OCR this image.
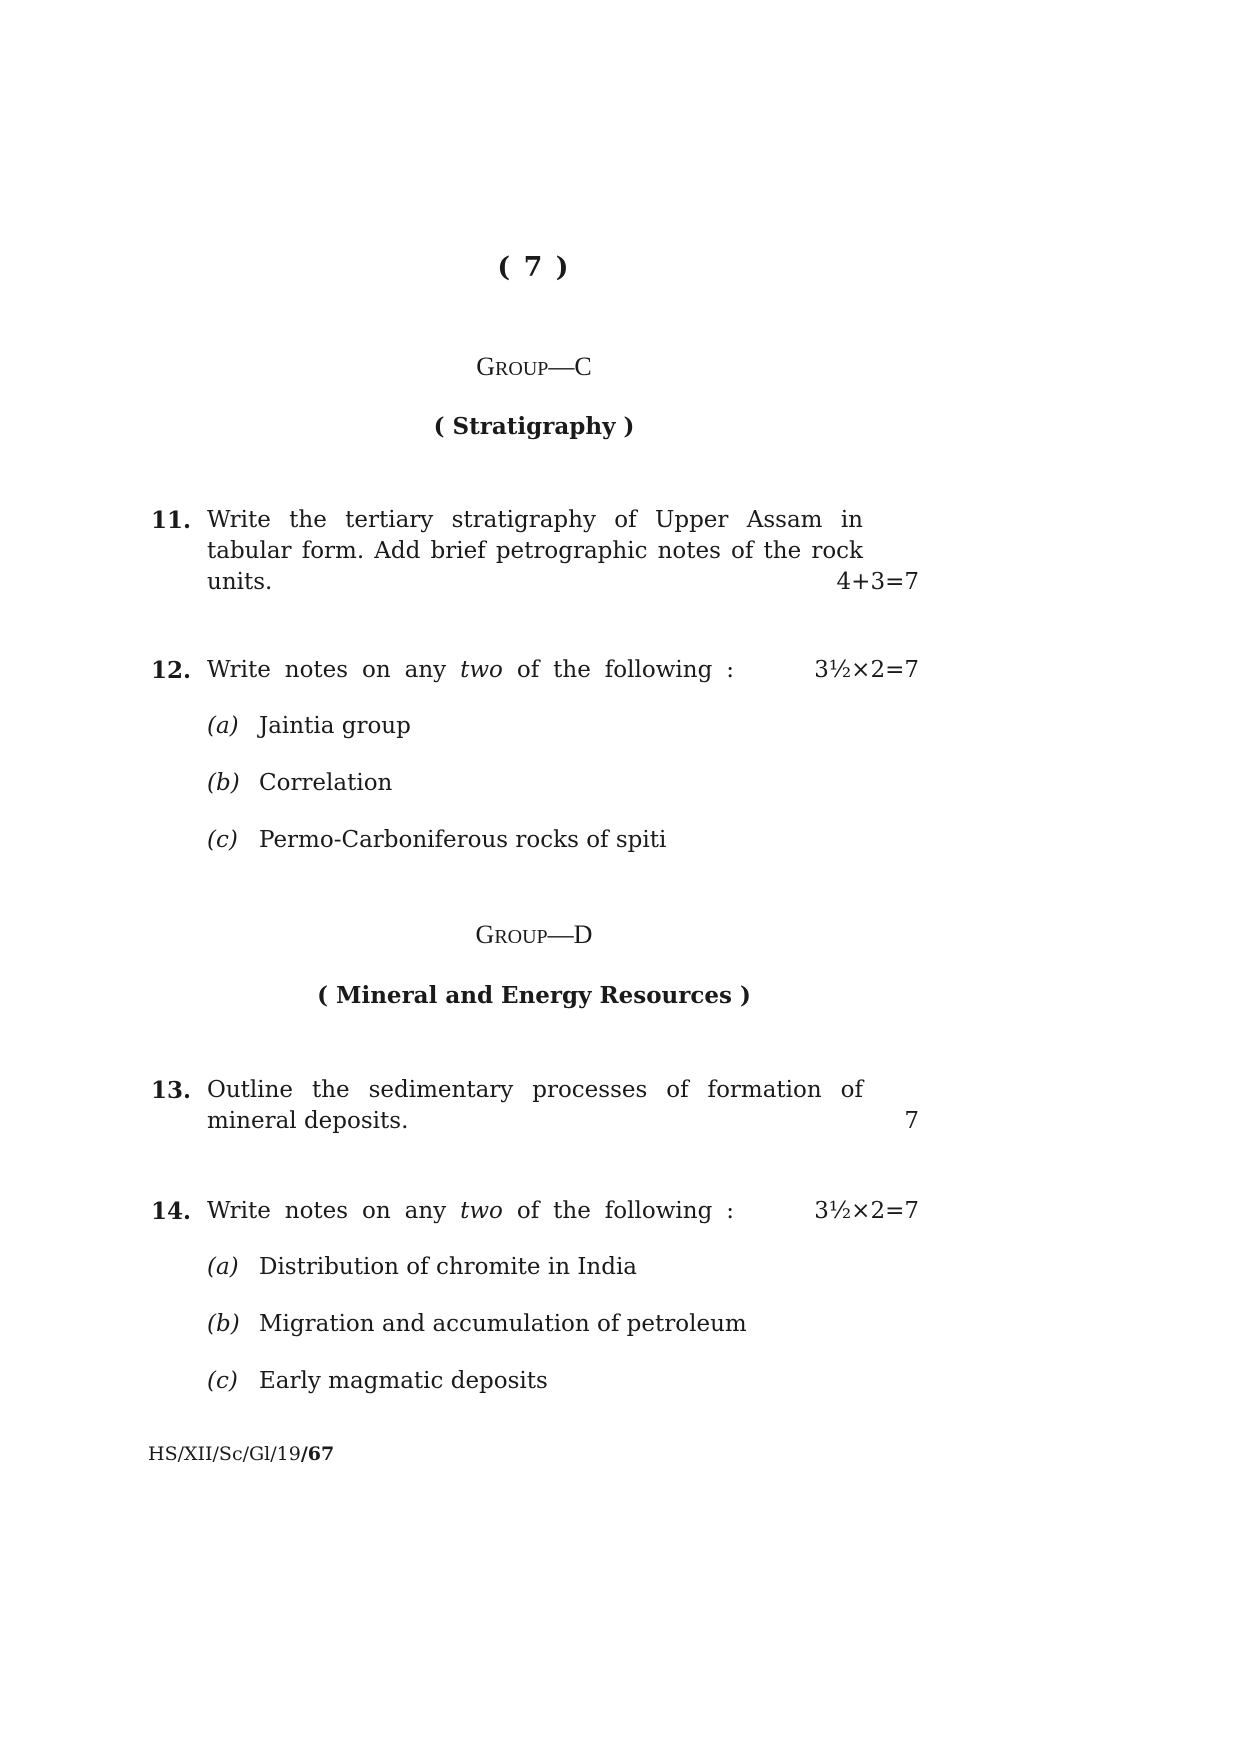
( 7 )
GROUP—C
( Stratigraphy )
11. Write the tertiary stratigraphy of Upper Assam in
tabular form. Add brief petrographic notes of the rock
units.	4+3=7
12. Write notes on any two of the following :	3½×2=7
(a) Jaintia group
(b) Correlation
(c) Permo-Carboniferous rocks of spiti
GROUP—D
( Mineral and Energy Resources )
13. Outline the sedimentary processes of formation of
mineral deposits.	7
14. Write notes on any two of the following :	3½×2=7
(a) Distribution of chromite in India
(b) Migration and accumulation of petroleum
(c) Early magmatic deposits
HS/XII/Sc/Gl/19/67
